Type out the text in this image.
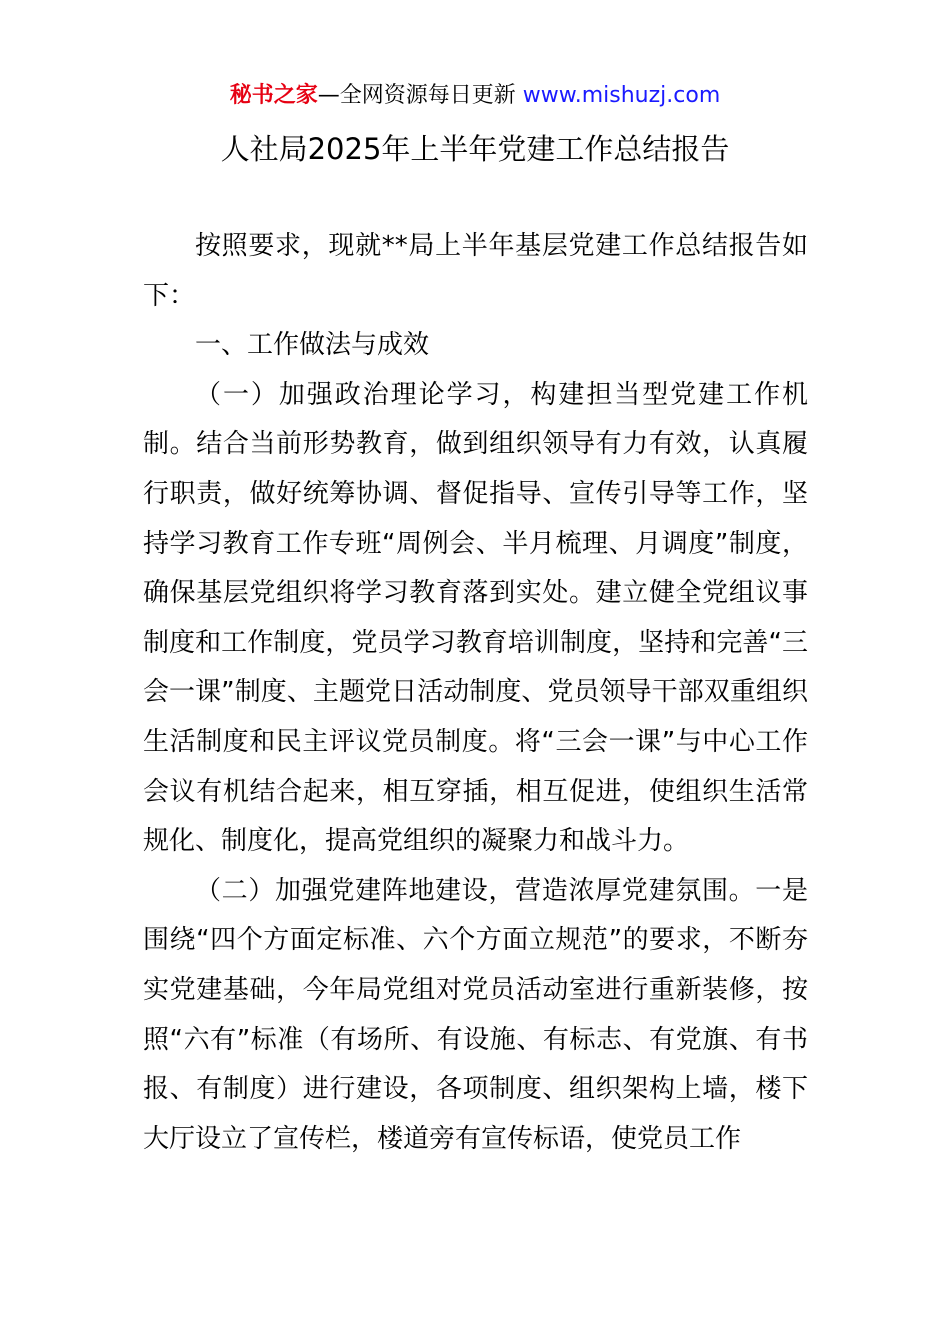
秘书之家—全网资源每日更新 www.mishuzj.com
人社局2025年上半年党建工作总结报告

按照要求，现就**局上半年基层党建工作总结报告如下：

一、工作做法与成效

（一）加强政治理论学习，构建担当型党建工作机制。结合当前形势教育，做到组织领导有力有效，认真履行职责，做好统筹协调、督促指导、宣传引导等工作，坚持学习教育工作专班“周例会、半月梳理、月调度”制度，确保基层党组织将学习教育落到实处。建立健全党组议事制度和工作制度，党员学习教育培训制度，坚持和完善“三会一课”制度、主题党日活动制度、党员领导干部双重组织生活制度和民主评议党员制度。将“三会一课”与中心工作会议有机结合起来，相互穿插，相互促进，使组织生活常规化、制度化，提高党组织的凝聚力和战斗力。

（二）加强党建阵地建设，营造浓厚党建氛围。一是围绕“四个方面定标准、六个方面立规范”的要求，不断夯实党建基础，今年局党组对党员活动室进行重新装修，按照“六有”标准（有场所、有设施、有标志、有党旗、有书报、有制度）进行建设，各项制度、组织架构上墙，楼下大厅设立了宣传栏，楼道旁有宣传标语，使党员工作
